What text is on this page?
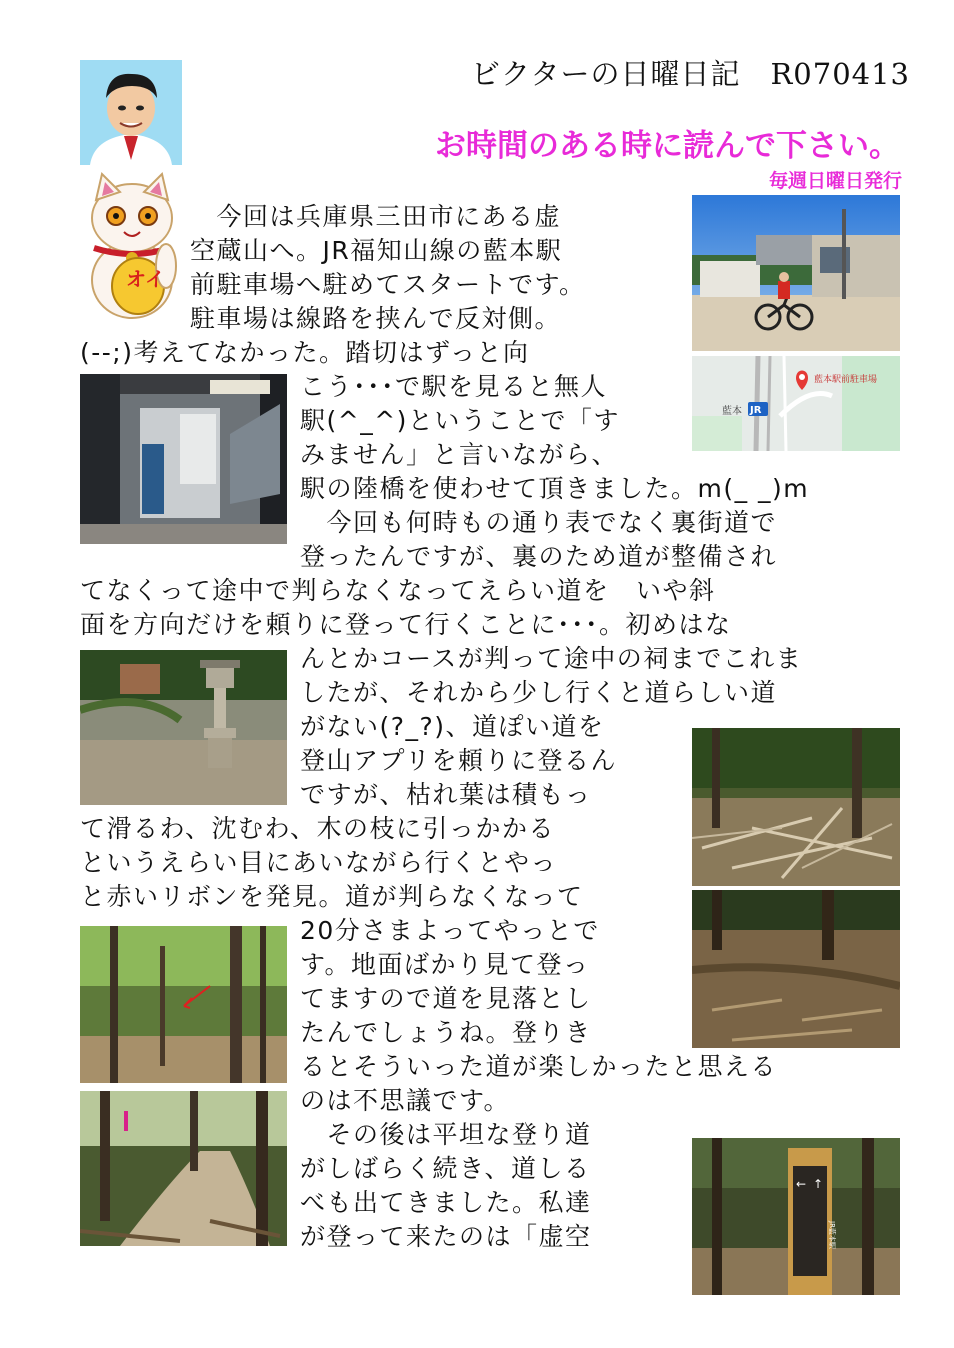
ビクターの日曜日記　R070413
お時間のある時に読んで下さい。
毎週日曜日発行
オイ
藍本駅前駐車場
藍本 JR
← ↑
JR藍本駅
　今回は兵庫県三田市にある虚
空蔵山へ。JR福知山線の藍本駅
前駐車場へ駐めてスタートです。
駐車場は線路を挟んで反対側。
(--;)考えてなかった。踏切はずっと向
こう･･･で駅を見ると無人
駅(^_^)ということで「す
みません」と言いながら、
駅の陸橋を使わせて頂きました。m(_ _)m
　今回も何時もの通り表でなく裏街道で
登ったんですが、裏のため道が整備され
てなくって途中で判らなくなってえらい道を　いや斜
面を方向だけを頼りに登って行くことに･･･。初めはな
んとかコースが判って途中の祠までこれま
したが、それから少し行くと道らしい道
がない(?_?)、道ぽい道を
登山アプリを頼りに登るん
ですが、枯れ葉は積もっ
て滑るわ、沈むわ、木の枝に引っかかる
というえらい目にあいながら行くとやっ
と赤いリボンを発見。道が判らなくなって
20分さまよってやっとで
す。地面ばかり見て登っ
てますので道を見落とし
たんでしょうね。登りき
るとそういった道が楽しかったと思える
のは不思議です。
　その後は平坦な登り道
がしばらく続き、道しる
べも出てきました。私達
が登って来たのは「虚空
